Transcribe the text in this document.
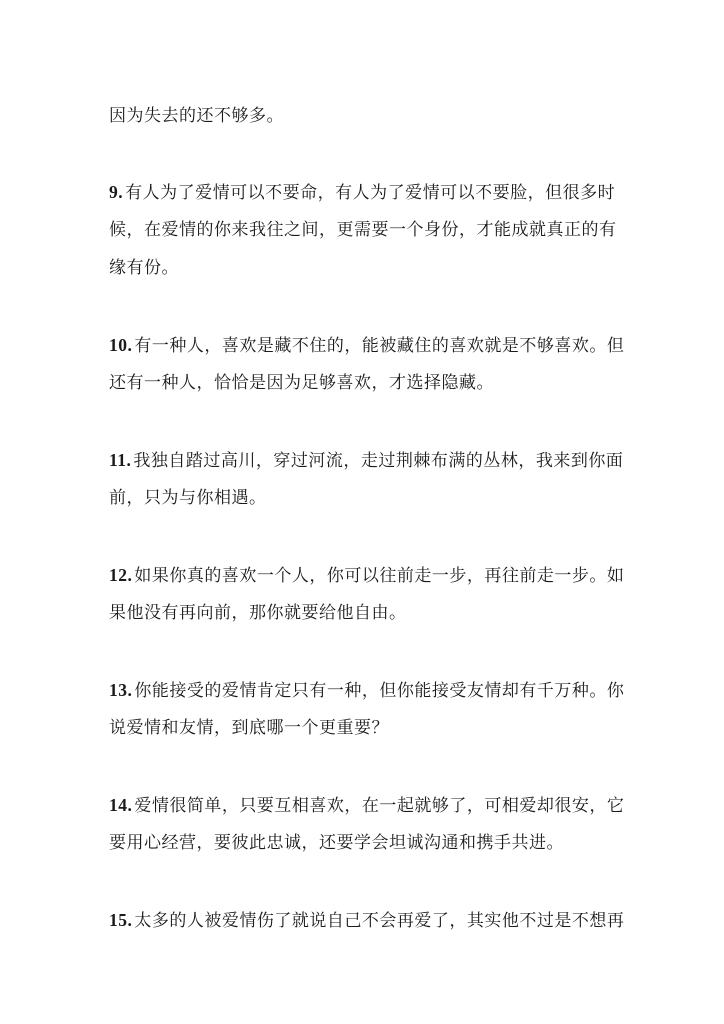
因为失去的还不够多。
9. 有人为了爱情可以不要命，有人为了爱情可以不要脸，但很多时
候，在爱情的你来我往之间，更需要一个身份，才能成就真正的有
缘有份。
10. 有一种人，喜欢是藏不住的，能被藏住的喜欢就是不够喜欢。但
还有一种人，恰恰是因为足够喜欢，才选择隐藏。
11. 我独自踏过高川，穿过河流，走过荆棘布满的丛林，我来到你面
前，只为与你相遇。
12. 如果你真的喜欢一个人，你可以往前走一步，再往前走一步。如
果他没有再向前，那你就要给他自由。
13. 你能接受的爱情肯定只有一种，但你能接受友情却有千万种。你
说爱情和友情，到底哪一个更重要？
14. 爱情很简单，只要互相喜欢，在一起就够了，可相爱却很安，它
要用心经营，要彼此忠诚，还要学会坦诚沟通和携手共进。
15. 太多的人被爱情伤了就说自己不会再爱了，其实他不过是不想再
